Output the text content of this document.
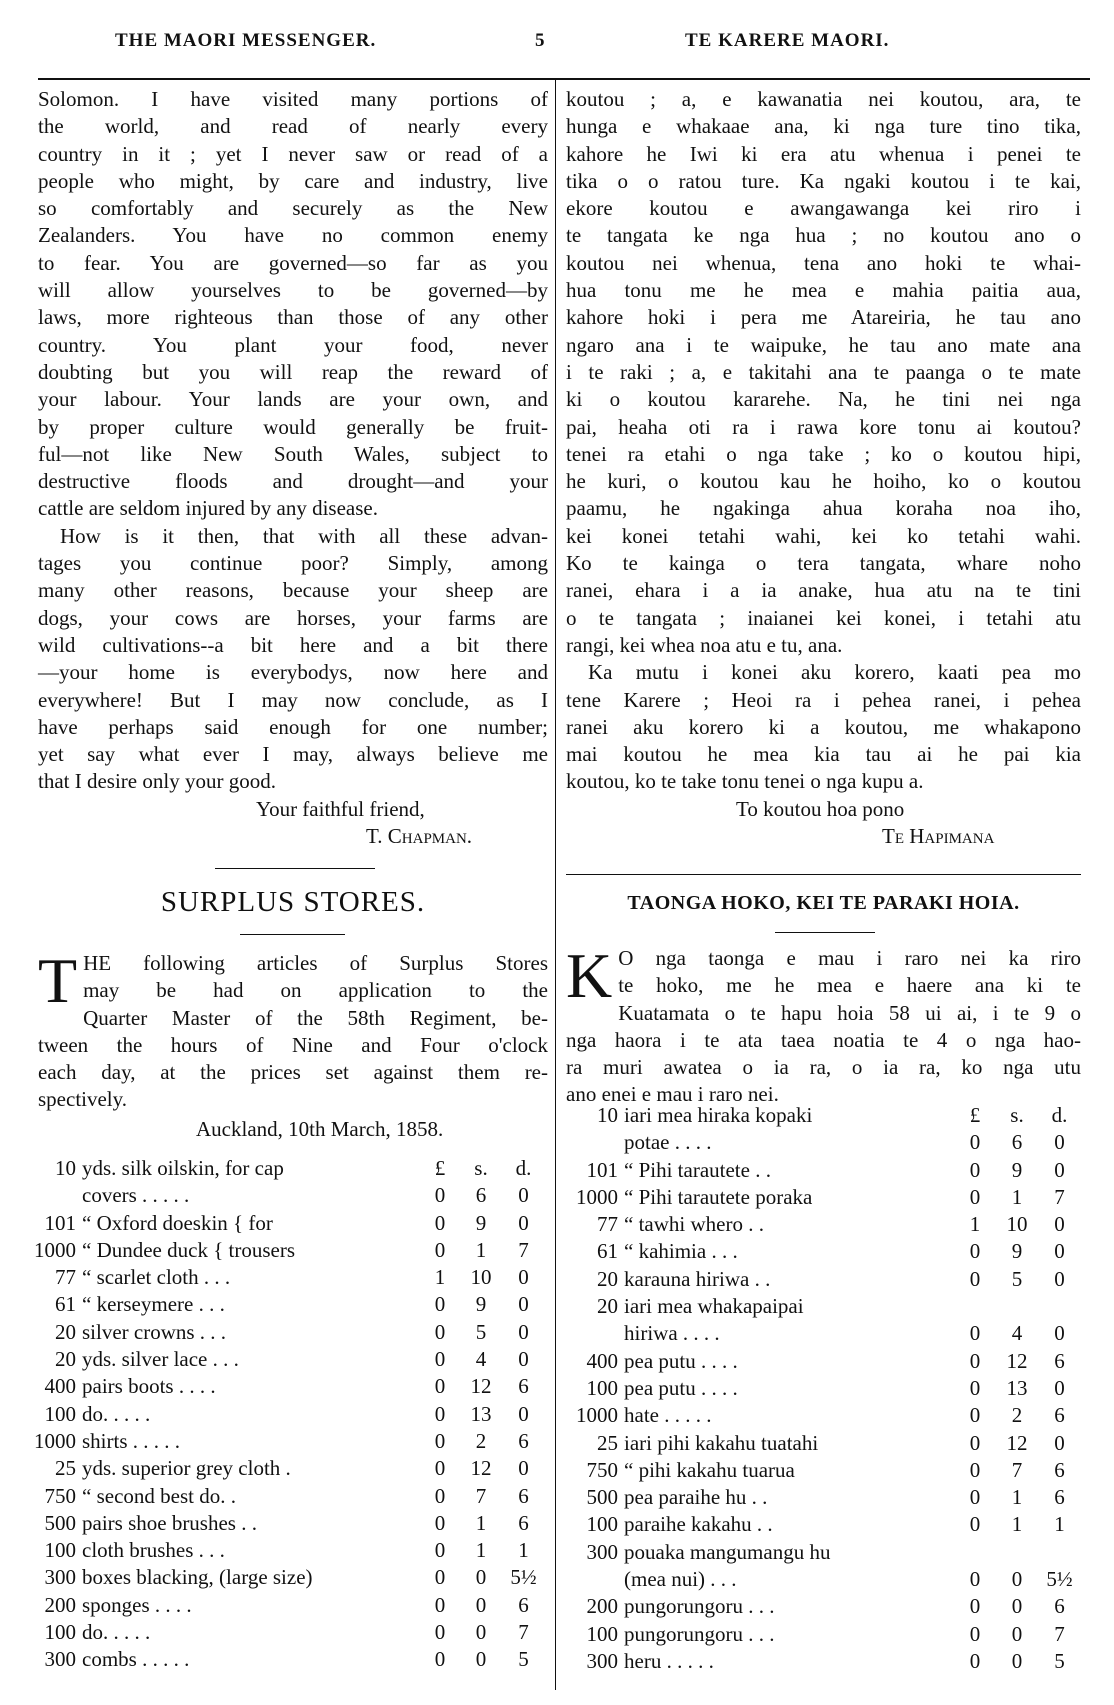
THE MAORI MESSENGER.	5	TE KARERE MAORI.
Solomon. I have visited many portions of
the world, and read of nearly every
country in it ; yet I never saw or read of a
people who might, by care and industry, live
so comfortably and securely as the New
Zealanders. You have no common enemy
to fear. You are governed—so far as you
will allow yourselves to be governed—by
laws, more righteous than those of any other
country. You plant your food, never
doubting but you will reap the reward of
your labour. Your lands are your own, and
by proper culture would generally be fruit-
ful—not like New South Wales, subject to
destructive floods and drought—and your
cattle are seldom injured by any disease.
How is it then, that with all these advan-
tages you continue poor? Simply, among
many other reasons, because your sheep are
dogs, your cows are horses, your farms are
wild cultivations--a bit here and a bit there
—your home is everybodys, now here and
everywhere! But I may now conclude, as I
have perhaps said enough for one number;
yet say what ever I may, always believe me
that I desire only your good.
Your faithful friend,
T. Chapman.
koutou ; a, e kawanatia nei koutou, ara, te
hunga e whakaae ana, ki nga ture tino tika,
kahore he Iwi ki era atu whenua i penei te
tika o o ratou ture. Ka ngaki koutou i te kai,
ekore koutou e awangawanga kei riro i
te tangata ke nga hua ; no koutou ano o
koutou nei whenua, tena ano hoki te whai-
hua tonu me he mea e mahia paitia aua,
kahore hoki i pera me Atareiria, he tau ano
ngaro ana i te waipuke, he tau ano mate ana
i te raki ; a, e takitahi ana te paanga o te mate
ki o koutou kararehe. Na, he tini nei nga
pai, heaha oti ra i rawa kore tonu ai koutou?
tenei ra etahi o nga take ; ko o koutou hipi,
he kuri, o koutou kau he hoiho, ko o koutou
paamu, he ngakinga ahua koraha noa iho,
kei konei tetahi wahi, kei ko tetahi wahi.
Ko te kainga o tera tangata, whare noho
ranei, ehara i a ia anake, hua atu na te tini
o te tangata ; inaianei kei konei, i tetahi atu
rangi, kei whea noa atu e tu, ana.
Ka mutu i konei aku korero, kaati pea mo
tene Karere ; Heoi ra i pehea ranei, i pehea
ranei aku korero ki a koutou, me whakapono
mai koutou he mea kia tau ai he pai kia
koutou, ko te take tonu tenei o nga kupu a.
To koutou hoa pono
Te Hapimana
SURPLUS STORES.	TAONGA HOKO, KEI TE PARAKI HOIA.
T HE following articles of Surplus Stores
may be had on application to the
Quarter Master of the 58th Regiment, be-
tween the hours of Nine and Four o'clock
each day, at the prices set against them re-
spectively.
Auckland, 10th March, 1858.
K O nga taonga e mau i raro nei ka riro
te hoko, me he mea e haere ana ki te
Kuatamata o te hapu hoia 58 ui ai, i te 9 o
nga haora i te ata taea noatia te 4 o nga hao-
ra muri awatea o ia ra, o ia ra, ko nga utu
ano enei e mau i raro nei.
10	yds. silk oilskin, for cap	£	s.	d.
	covers . . . . .	0	6	0
101	“ Oxford doeskin { for	0	9	0
1000	“ Dundee duck { trousers	0	1	7
77	“ scarlet cloth . . .	1	10	0
61	“ kerseymere . . .	0	9	0
20	silver crowns . . .	0	5	0
20	yds. silver lace . . .	0	4	0
400	pairs boots . . . .	0	12	6
100	do. . . . .	0	13	0
1000	shirts . . . . .	0	2	6
25	yds. superior grey cloth .	0	12	0
750	“ second best do. .	0	7	6
500	pairs shoe brushes . .	0	1	6
100	cloth brushes . . .	0	1	1
300	boxes blacking, (large size)	0	0	5½
200	sponges . . . .	0	0	6
100	do. . . . .	0	0	7
300	combs . . . . .	0	0	5
10	iari mea hiraka kopaki	£	s.	d.
	potae . . . .	0	6	0
101	“ Pihi tarautete . .	0	9	0
1000	“ Pihi tarautete poraka	0	1	7
77	“ tawhi whero . .	1	10	0
61	“ kahimia . . .	0	9	0
20	karauna hiriwa . .	0	5	0
20	iari mea whakapaipai			
	hiriwa . . . .	0	4	0
400	pea putu . . . .	0	12	6
100	pea putu . . . .	0	13	0
1000	hate . . . . .	0	2	6
25	iari pihi kakahu tuatahi	0	12	0
750	“ pihi kakahu tuarua	0	7	6
500	pea paraihe hu . .	0	1	6
100	paraihe kakahu . .	0	1	1
300	pouaka mangumangu hu			
	(mea nui) . . .	0	0	5½
200	pungorungoru . . .	0	0	6
100	pungorungoru . . .	0	0	7
300	heru . . . . .	0	0	5
